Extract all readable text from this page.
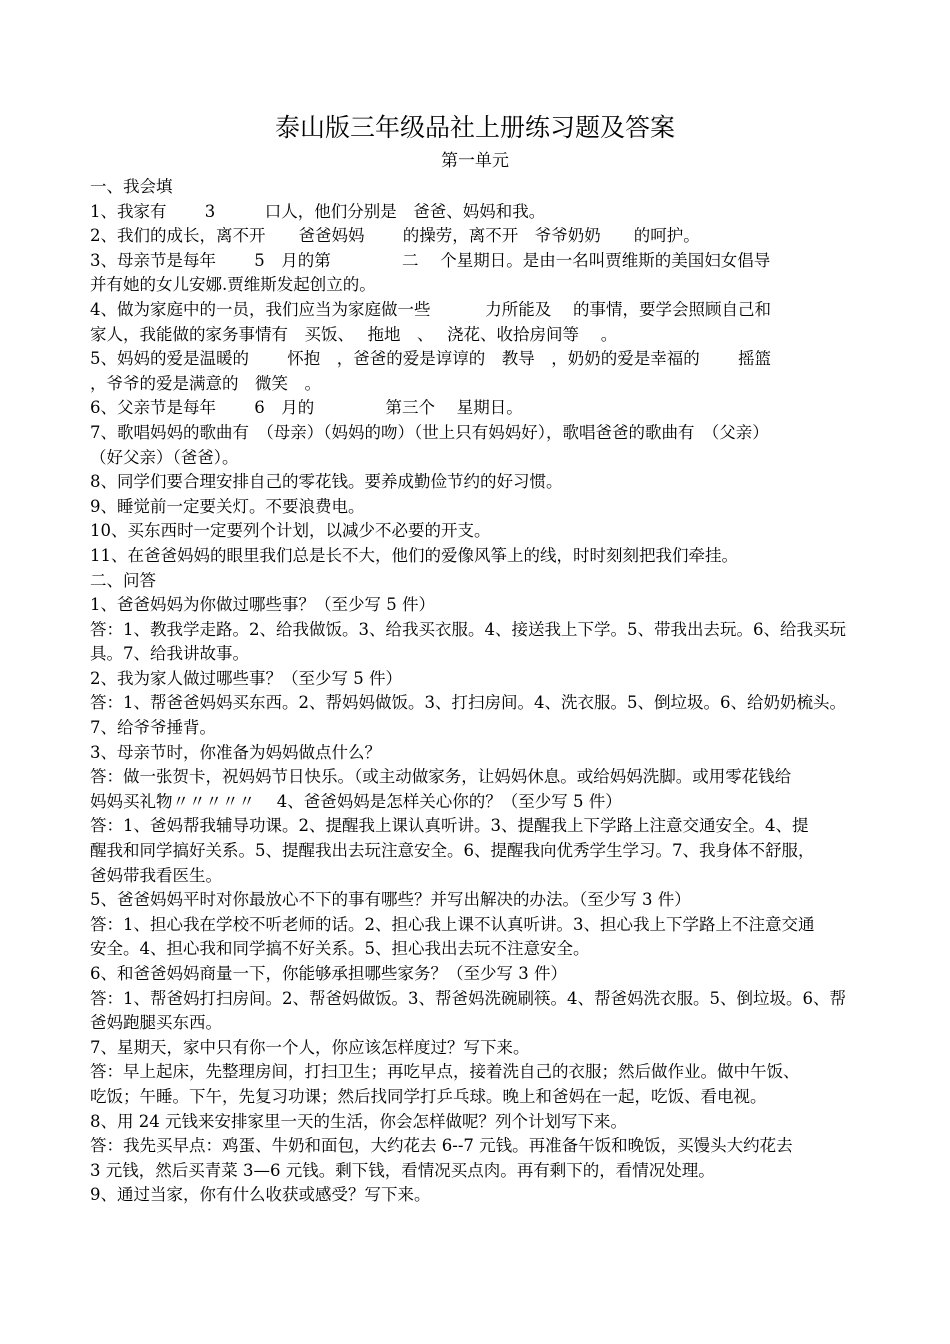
泰山版三年级品社上册练习题及答案
第一单元
一、我会填
1、我家有　　 3　　　口人，他们分别是　爸爸、妈妈和我。
2、我们的成长，离不开　　爸爸妈妈　　 的操劳，离不开　爷爷奶奶　　的呵护。
3、母亲节是每年　　 5　月的第　　　　 二　 个星期日。是由一名叫贾维斯的美国妇女倡导
并有她的女儿安娜.贾维斯发起创立的。
4、做为家庭中的一员，我们应当为家庭做一些　　　 力所能及　 的事情，要学会照顾自己和
家人，我能做的家务事情有　买饭、　 拖地　、　 浇花、收拾房间等　 。
5、妈妈的爱是温暖的　　 怀抱　，爸爸的爱是谆谆的　教导　，奶奶的爱是幸福的　　 摇篮
，爷爷的爱是满意的　微笑　。
6、父亲节是每年　　 6　月的　　　　 第三个　 星期日。
7、歌唱妈妈的歌曲有　（母亲）（妈妈的吻）（世上只有妈妈好），歌唱爸爸的歌曲有　（父亲）
（好父亲）（爸爸）。
8、同学们要合理安排自己的零花钱。要养成勤俭节约的好习惯。
9、睡觉前一定要关灯。不要浪费电。
10、买东西时一定要列个计划，以减少不必要的开支。
11、在爸爸妈妈的眼里我们总是长不大，他们的爱像风筝上的线，时时刻刻把我们牵挂。
二、问答
1、爸爸妈妈为你做过哪些事？（至少写 5 件）
答：1、教我学走路。2、给我做饭。3、给我买衣服。4、接送我上下学。5、带我出去玩。6、给我买玩
具。7、给我讲故事。
2、我为家人做过哪些事？（至少写 5 件）
答：1、帮爸爸妈妈买东西。2、帮妈妈做饭。3、打扫房间。4、洗衣服。5、倒垃圾。6、给奶奶梳头。
7、给爷爷捶背。
3、母亲节时，你准备为妈妈做点什么？
答：做一张贺卡，祝妈妈节日快乐。（或主动做家务，让妈妈休息。或给妈妈洗脚。或用零花钱给
妈妈买礼物〃〃〃〃〃　 4、爸爸妈妈是怎样关心你的？（至少写 5 件）
答：1、爸妈帮我辅导功课。2、提醒我上课认真听讲。3、提醒我上下学路上注意交通安全。4、提
醒我和同学搞好关系。5、提醒我出去玩注意安全。6、提醒我向优秀学生学习。7、我身体不舒服，
爸妈带我看医生。
5、爸爸妈妈平时对你最放心不下的事有哪些？并写出解决的办法。（至少写 3 件）
答：1、担心我在学校不听老师的话。2、担心我上课不认真听讲。3、担心我上下学路上不注意交通
安全。4、担心我和同学搞不好关系。5、担心我出去玩不注意安全。
6、和爸爸妈妈商量一下，你能够承担哪些家务？（至少写 3 件）
答：1、帮爸妈打扫房间。2、帮爸妈做饭。3、帮爸妈洗碗刷筷。4、帮爸妈洗衣服。5、倒垃圾。6、帮
爸妈跑腿买东西。
7、星期天，家中只有你一个人，你应该怎样度过？写下来。
答：早上起床，先整理房间，打扫卫生；再吃早点，接着洗自己的衣服；然后做作业。做中午饭、
吃饭；午睡。下午，先复习功课；然后找同学打乒乓球。晚上和爸妈在一起，吃饭、看电视。
8、用 24 元钱来安排家里一天的生活，你会怎样做呢？列个计划写下来。
答：我先买早点：鸡蛋、牛奶和面包，大约花去 6--7 元钱。再准备午饭和晚饭，买馒头大约花去
3 元钱，然后买青菜 3—6 元钱。剩下钱，看情况买点肉。再有剩下的，看情况处理。
9、通过当家，你有什么收获或感受？写下来。
